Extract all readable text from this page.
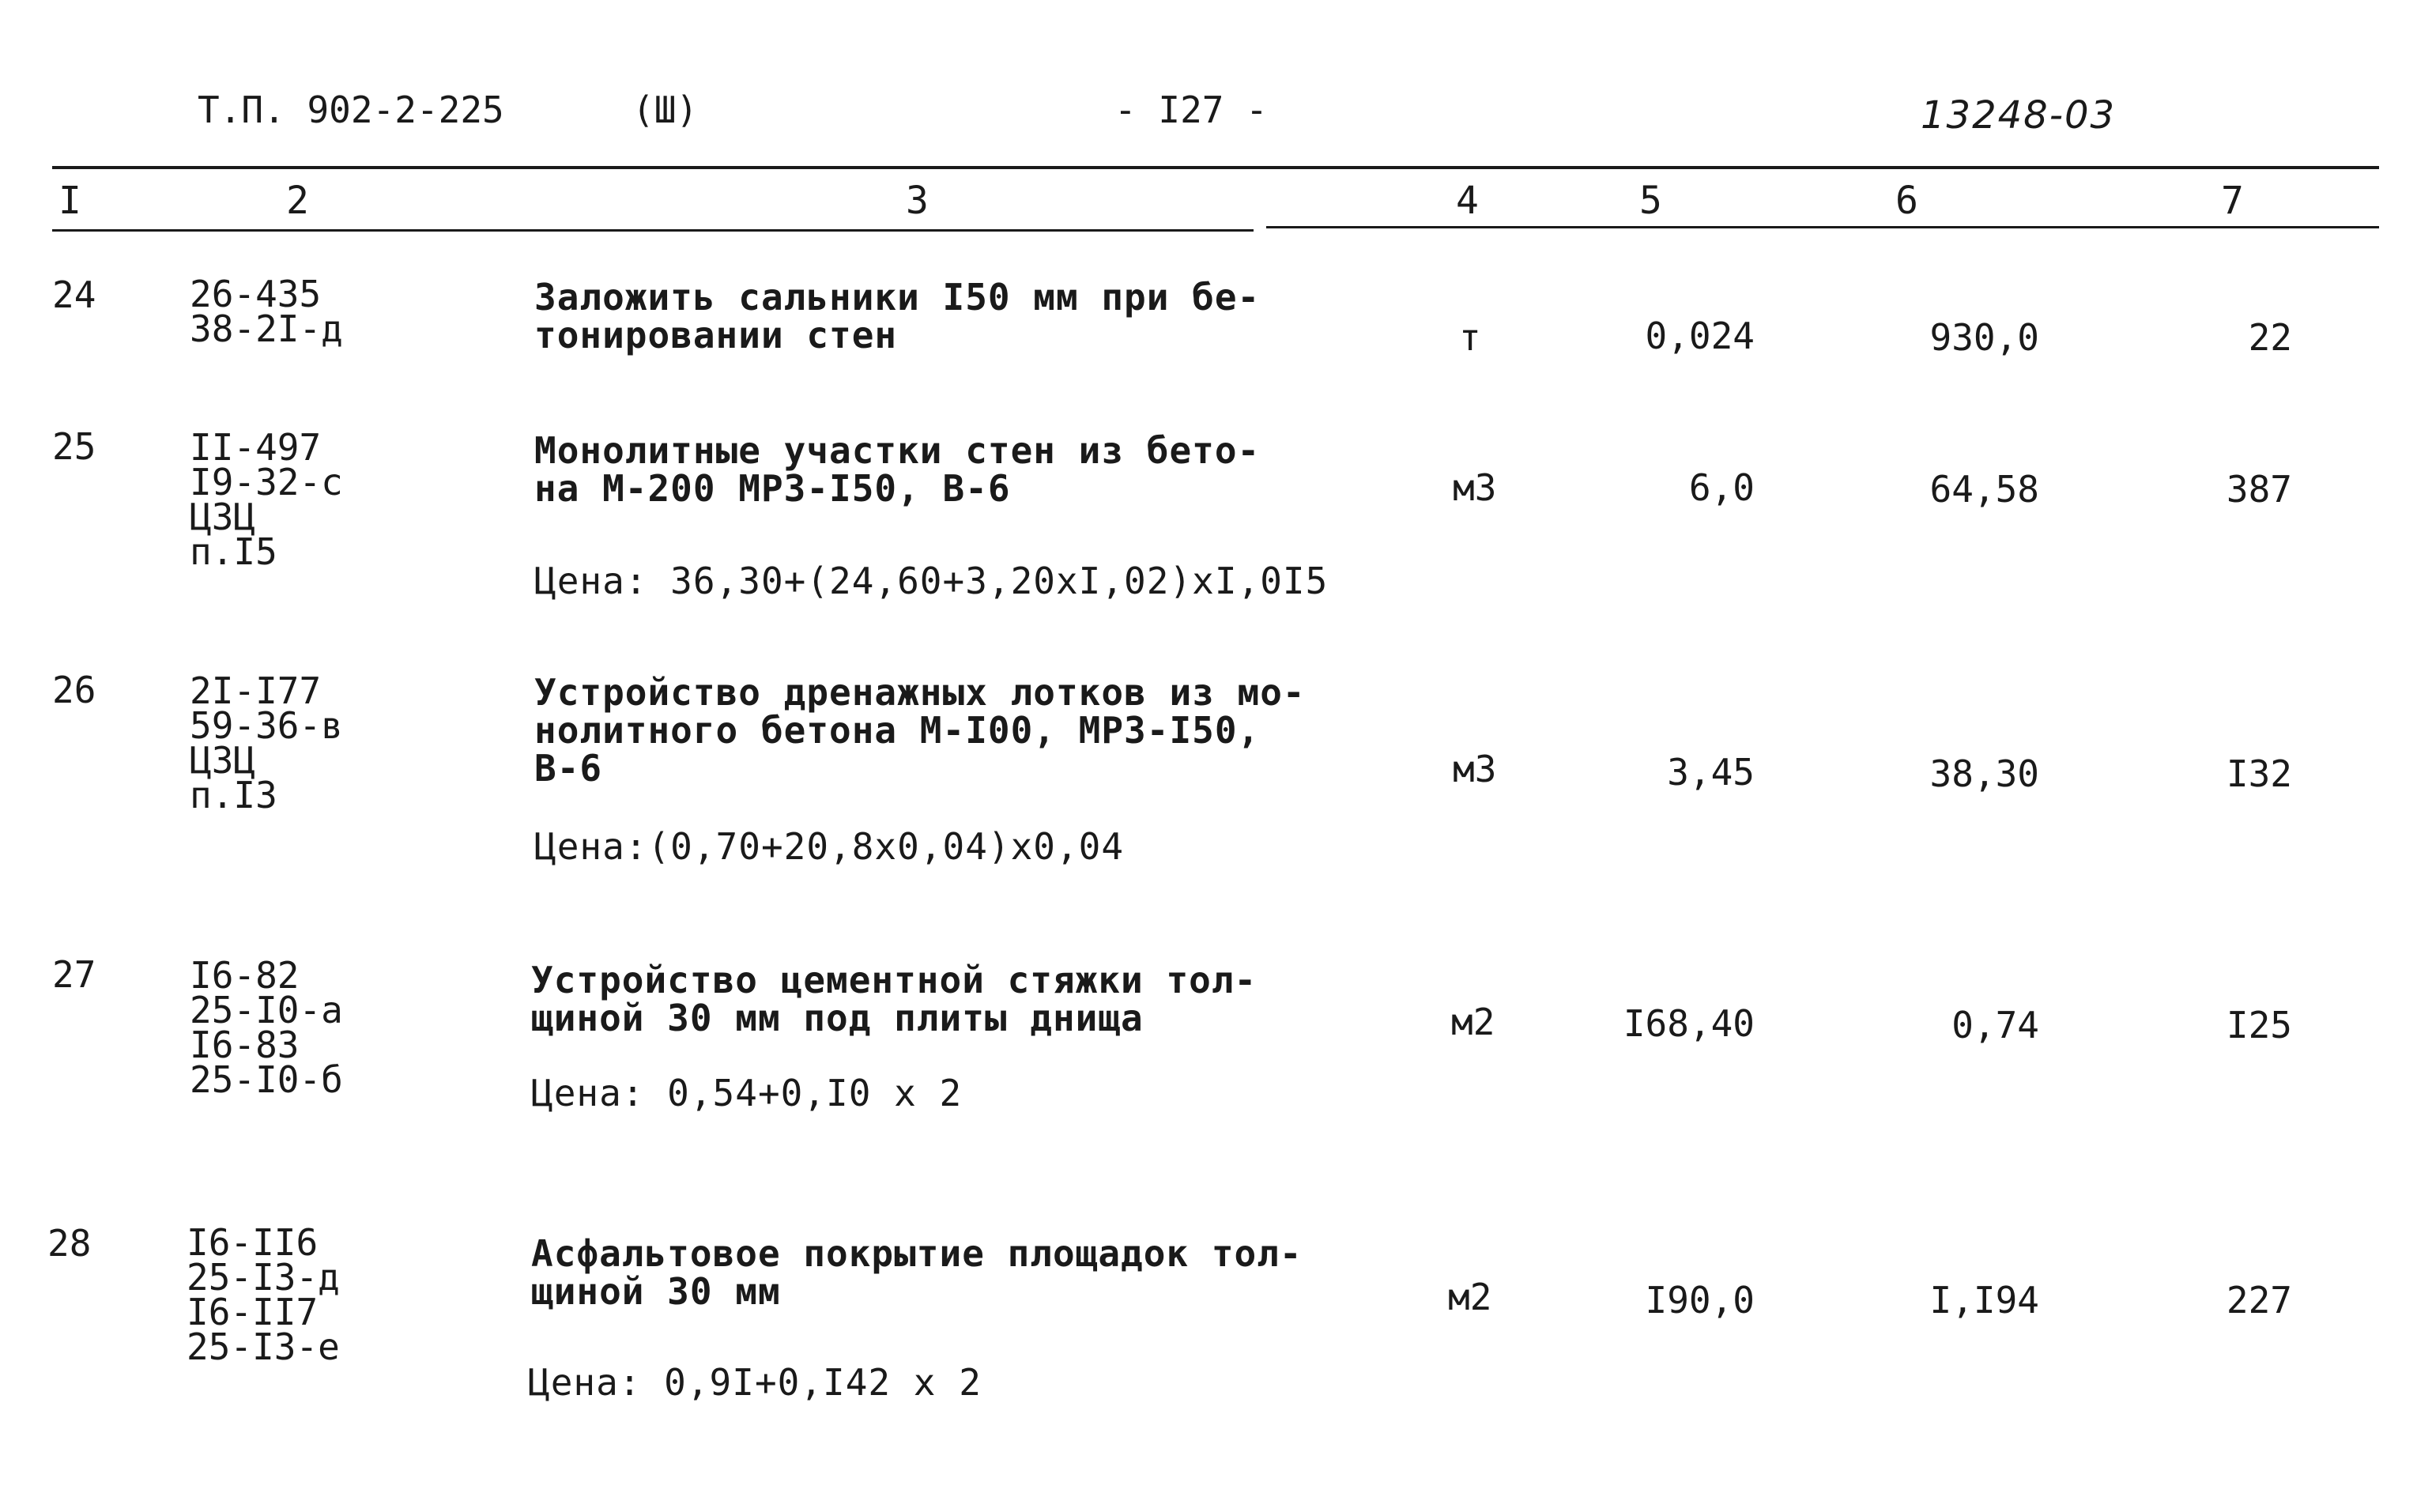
Т.П. 902-2-225	(Ш)	- I27 -	13248-03
I	2	3	4	5	6	7
24	26-435
38-2I-д
Заложить сальники I50 мм при бе-
тонировании стен	т	0,024	930,0	22
25	II-497
I9-32-с
ЦЗЦ
п.I5
Монолитные участки стен из бето-
на М-200 МРЗ-I50, В-6
Цена: 36,30+(24,60+3,20хI,02)хI,0I5
м3	6,0	64,58	387
26	2I-I77
59-36-в
ЦЗЦ
п.I3
Устройство дренажных лотков из мо-
нолитного бетона М-I00, МРЗ-I50,
В-6
Цена:(0,70+20,8х0,04)х0,04
м3	3,45	38,30	I32
27	I6-82
25-I0-а
I6-83
25-I0-б
Устройство цементной стяжки тол-
щиной 30 мм под плиты днища
Цена: 0,54+0,I0 х 2
м2	I68,40	0,74	I25
28	I6-II6
25-I3-д
I6-II7
25-I3-е
Асфальтовое покрытие площадок тол-
щиной 30 мм
Цена: 0,9I+0,I42 х 2
м2	I90,0	I,I94	227
